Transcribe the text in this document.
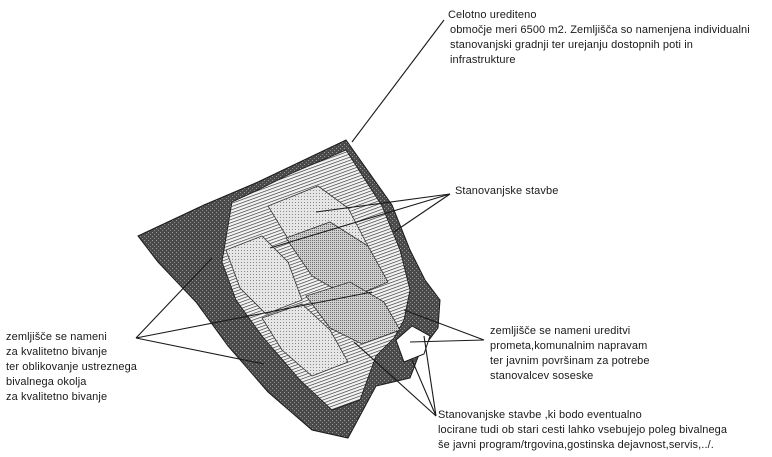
Celotno urediteno
območje meri 6500 m2. Zemljišča so namenjena individualni
stanovanjski gradnji ter urejanju dostopnih poti in
infrastrukture
Stanovanjske stavbe
zemljišče se nameni
za kvalitetno bivanje
ter oblikovanje ustreznega
bivalnega okolja
za kvalitetno bivanje
zemljišče se nameni ureditvi
prometa,komunalnim napravam
ter javnim površinam za potrebe
stanovalcev soseske
Stanovanjske stavbe ,ki bodo eventualno
locirane tudi ob stari cesti lahko vsebujejo poleg bivalnega
še javni program/trgovina,gostinska dejavnost,servis,../.
